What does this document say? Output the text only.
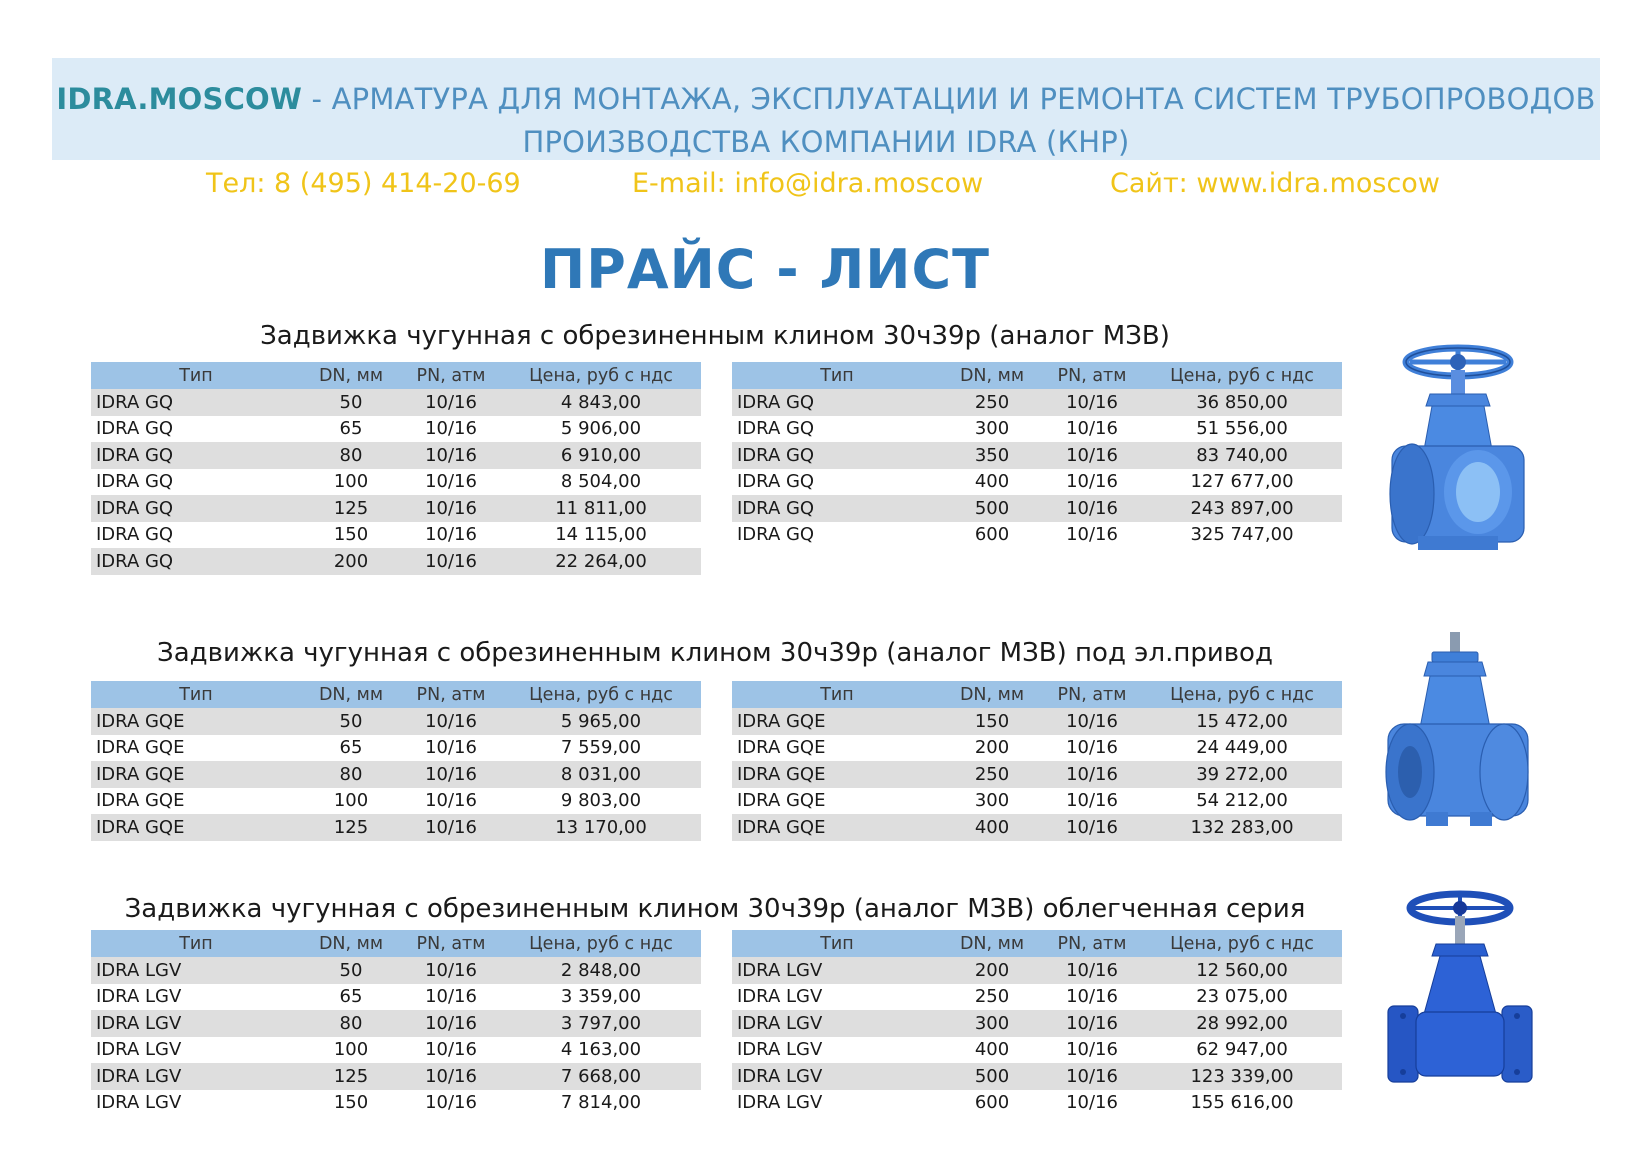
IDRA.MOSCOW - АРМАТУРА ДЛЯ МОНТАЖА, ЭКСПЛУАТАЦИИ И РЕМОНТА СИСТЕМ ТРУБОПРОВОДОВ
ПРОИЗВОДСТВА КОМПАНИИ IDRA (КНР)
Тел: 8 (495) 414-20-69	E-mail: info@idra.moscow	Сайт: www.idra.moscow
ПРАЙС - ЛИСТ
Задвижка чугунная с обрезиненным клином 30ч39р (аналог МЗВ)
Тип	DN, мм	PN, атм	Цена, руб с ндс
IDRA GQ	50	10/16	4 843,00
IDRA GQ	65	10/16	5 906,00
IDRA GQ	80	10/16	6 910,00
IDRA GQ	100	10/16	8 504,00
IDRA GQ	125	10/16	11 811,00
IDRA GQ	150	10/16	14 115,00
IDRA GQ	200	10/16	22 264,00
Тип	DN, мм	PN, атм	Цена, руб с ндс
IDRA GQ	250	10/16	36 850,00
IDRA GQ	300	10/16	51 556,00
IDRA GQ	350	10/16	83 740,00
IDRA GQ	400	10/16	127 677,00
IDRA GQ	500	10/16	243 897,00
IDRA GQ	600	10/16	325 747,00
Задвижка чугунная с обрезиненным клином 30ч39р (аналог МЗВ) под эл.привод
Тип	DN, мм	PN, атм	Цена, руб с ндс
IDRA GQE	50	10/16	5 965,00
IDRA GQE	65	10/16	7 559,00
IDRA GQE	80	10/16	8 031,00
IDRA GQE	100	10/16	9 803,00
IDRA GQE	125	10/16	13 170,00
Тип	DN, мм	PN, атм	Цена, руб с ндс
IDRA GQE	150	10/16	15 472,00
IDRA GQE	200	10/16	24 449,00
IDRA GQE	250	10/16	39 272,00
IDRA GQE	300	10/16	54 212,00
IDRA GQE	400	10/16	132 283,00
Задвижка чугунная с обрезиненным клином 30ч39р (аналог МЗВ) облегченная серия
Тип	DN, мм	PN, атм	Цена, руб с ндс
IDRA LGV	50	10/16	2 848,00
IDRA LGV	65	10/16	3 359,00
IDRA LGV	80	10/16	3 797,00
IDRA LGV	100	10/16	4 163,00
IDRA LGV	125	10/16	7 668,00
IDRA LGV	150	10/16	7 814,00
Тип	DN, мм	PN, атм	Цена, руб с ндс
IDRA LGV	200	10/16	12 560,00
IDRA LGV	250	10/16	23 075,00
IDRA LGV	300	10/16	28 992,00
IDRA LGV	400	10/16	62 947,00
IDRA LGV	500	10/16	123 339,00
IDRA LGV	600	10/16	155 616,00
